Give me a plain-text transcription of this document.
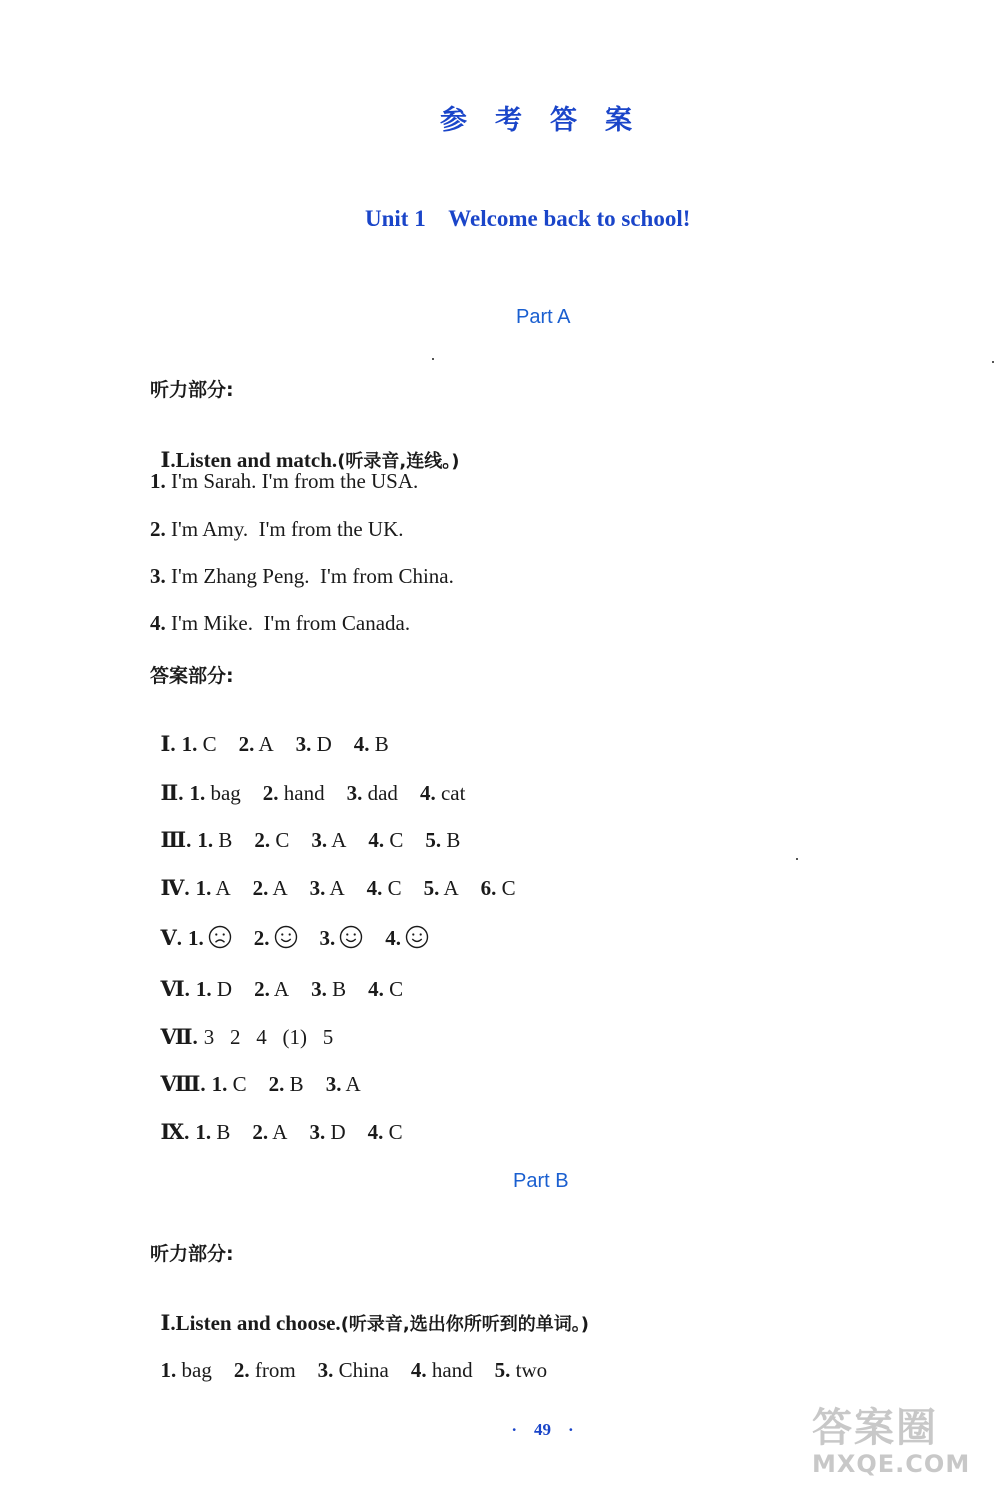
参考答案
Unit 1    Welcome back to school!
Part A
听力部分:

Ⅰ.Listen and match.(听录音,连线。)

1. I'm Sarah. I'm from the USA.
2. I'm Amy.  I'm from the UK.
3. I'm Zhang Peng.  I'm from China.
4. I'm Mike.  I'm from Canada.
答案部分:

Ⅰ. 1. C 2. A 3. D 4. B

Ⅱ. 1. bag 2. hand 3. dad 4. cat

Ⅲ. 1. B 2. C 3. A 4. C 5. B

Ⅳ. 1. A 2. A 3. A 4. C 5. A 6. C

Ⅴ. 1. 2. 3. 4.

Ⅵ. 1. D 2. A 3. B 4. C

Ⅶ. 3   2   4   (1)   5

Ⅷ. 1. C 2. B 3. A

Ⅸ. 1. B 2. A 3. D 4. C

Part B
听力部分:

Ⅰ.Listen and choose.(听录音,选出你所听到的单词。)

1. bag 2. from 3. China 4. hand 5. two

·    49    ·	答案圈
MXQE.COM
